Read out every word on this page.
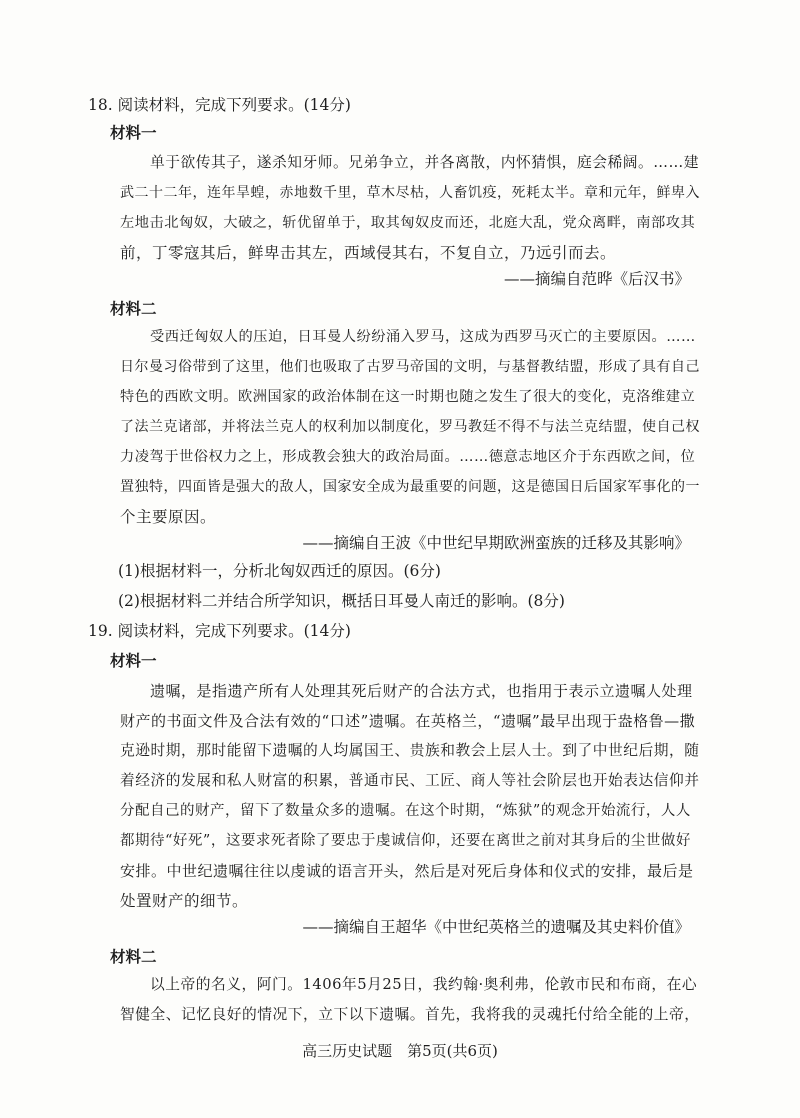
18. 阅读材料，完成下列要求。(14分)
材料一
单于欲传其子，遂杀知牙师。兄弟争立，并各离散，内怀猜惧，庭会稀阔。……建
武二十二年，连年旱蝗，赤地数千里，草木尽枯，人畜饥疫，死耗太半。章和元年，鲜卑入
左地击北匈奴，大破之，斩优留单于，取其匈奴皮而还，北庭大乱，党众离畔，南部攻其
前，丁零寇其后，鲜卑击其左，西域侵其右，不复自立，乃远引而去。
——摘编自范晔《后汉书》
材料二
受西迁匈奴人的压迫，日耳曼人纷纷涌入罗马，这成为西罗马灭亡的主要原因。……
日尔曼习俗带到了这里，他们也吸取了古罗马帝国的文明，与基督教结盟，形成了具有自己
特色的西欧文明。欧洲国家的政治体制在这一时期也随之发生了很大的变化，克洛维建立
了法兰克诸部，并将法兰克人的权利加以制度化，罗马教廷不得不与法兰克结盟，使自己权
力凌驾于世俗权力之上，形成教会独大的政治局面。……德意志地区介于东西欧之间，位
置独特，四面皆是强大的敌人，国家安全成为最重要的问题，这是德国日后国家军事化的一
个主要原因。
——摘编自王波《中世纪早期欧洲蛮族的迁移及其影响》
(1)根据材料一，分析北匈奴西迁的原因。(6分)
(2)根据材料二并结合所学知识，概括日耳曼人南迁的影响。(8分)
19. 阅读材料，完成下列要求。(14分)
材料一
遗嘱，是指遗产所有人处理其死后财产的合法方式，也指用于表示立遗嘱人处理
财产的书面文件及合法有效的“口述”遗嘱。在英格兰，“遗嘱”最早出现于盎格鲁—撒
克逊时期，那时能留下遗嘱的人均属国王、贵族和教会上层人士。到了中世纪后期，随
着经济的发展和私人财富的积累，普通市民、工匠、商人等社会阶层也开始表达信仰并
分配自己的财产，留下了数量众多的遗嘱。在这个时期，“炼狱”的观念开始流行，人人
都期待“好死”，这要求死者除了要忠于虔诚信仰，还要在离世之前对其身后的尘世做好
安排。中世纪遗嘱往往以虔诚的语言开头，然后是对死后身体和仪式的安排，最后是
处置财产的细节。
——摘编自王超华《中世纪英格兰的遗嘱及其史料价值》
材料二
以上帝的名义，阿门。1406年5月25日，我约翰·奥利弗，伦敦市民和布商，在心
智健全、记忆良好的情况下，立下以下遗嘱。首先，我将我的灵魂托付给全能的上帝，
高三历史试题　第5页(共6页)
